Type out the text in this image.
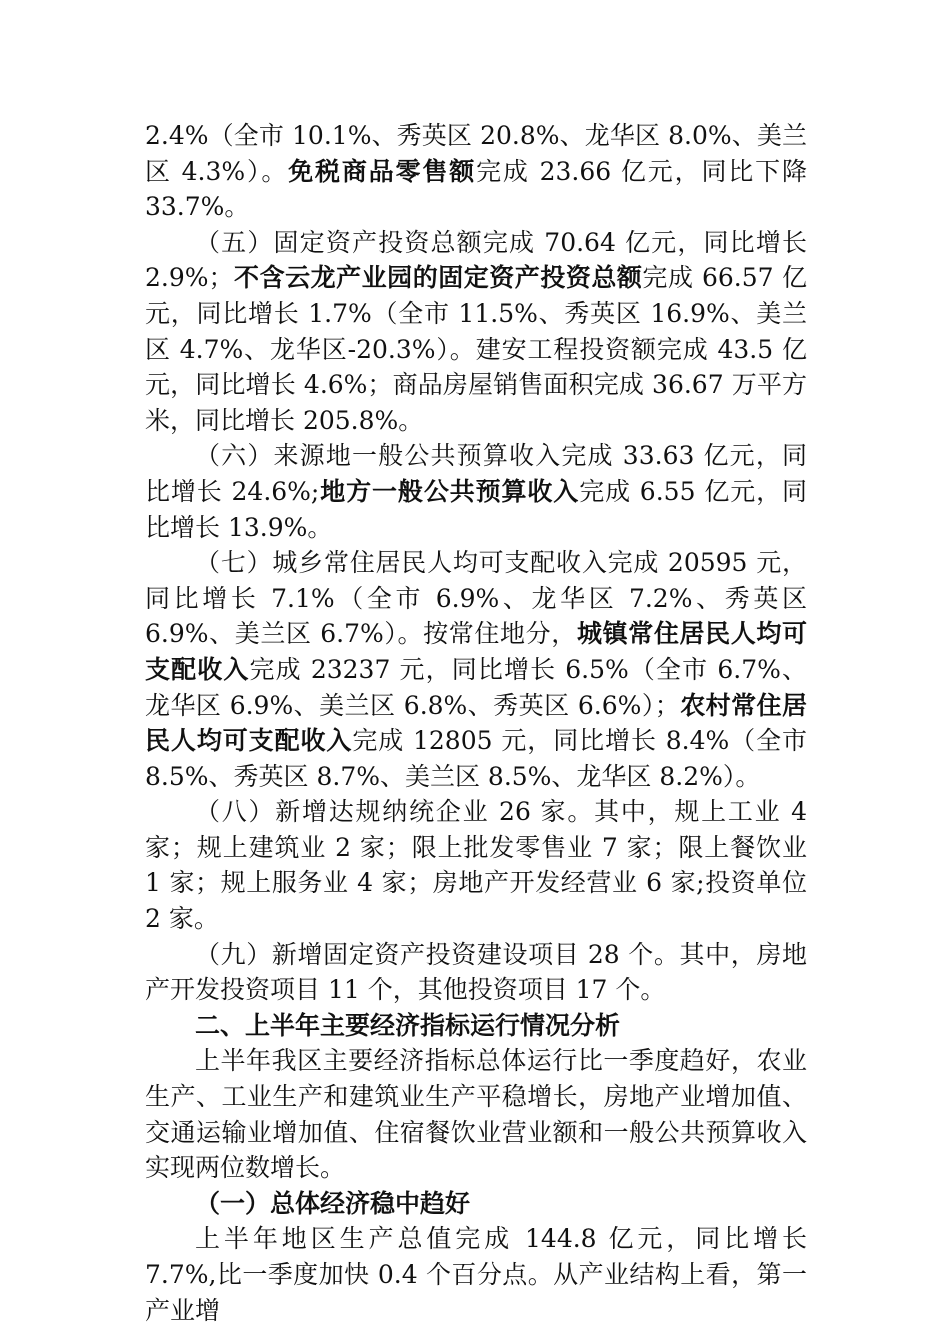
2.4%（全市 10.1%、秀英区 20.8%、龙华区 8.0%、美兰区 4.3%）。免税商品零售额完成 23.66 亿元，同比下降 33.7%。

（五）固定资产投资总额完成 70.64 亿元，同比增长 2.9%；不含云龙产业园的固定资产投资总额完成 66.57 亿元，同比增长 1.7%（全市 11.5%、秀英区 16.9%、美兰区 4.7%、龙华区-20.3%）。建安工程投资额完成 43.5 亿元，同比增长 4.6%；商品房屋销售面积完成 36.67 万平方米，同比增长 205.8%。

（六）来源地一般公共预算收入完成 33.63 亿元，同比增长 24.6%;地方一般公共预算收入完成 6.55 亿元，同比增长 13.9%。

（七）城乡常住居民人均可支配收入完成 20595 元，同比增长 7.1%（全市 6.9%、龙华区 7.2%、秀英区 6.9%、美兰区 6.7%）。按常住地分，城镇常住居民人均可支配收入完成 23237 元，同比增长 6.5%（全市 6.7%、龙华区 6.9%、美兰区 6.8%、秀英区 6.6%）；农村常住居民人均可支配收入完成 12805 元，同比增长 8.4%（全市 8.5%、秀英区 8.7%、美兰区 8.5%、龙华区 8.2%）。

（八）新增达规纳统企业 26 家。其中，规上工业 4 家；规上建筑业 2 家；限上批发零售业 7 家；限上餐饮业 1 家；规上服务业 4 家；房地产开发经营业 6 家;投资单位 2 家。

（九）新增固定资产投资建设项目 28 个。其中，房地产开发投资项目 11 个，其他投资项目 17 个。

二、上半年主要经济指标运行情况分析

上半年我区主要经济指标总体运行比一季度趋好，农业生产、工业生产和建筑业生产平稳增长，房地产业增加值、交通运输业增加值、住宿餐饮业营业额和一般公共预算收入实现两位数增长。

（一）总体经济稳中趋好

上半年地区生产总值完成 144.8 亿元，同比增长 7.7%,比一季度加快 0.4 个百分点。从产业结构上看，第一产业增
